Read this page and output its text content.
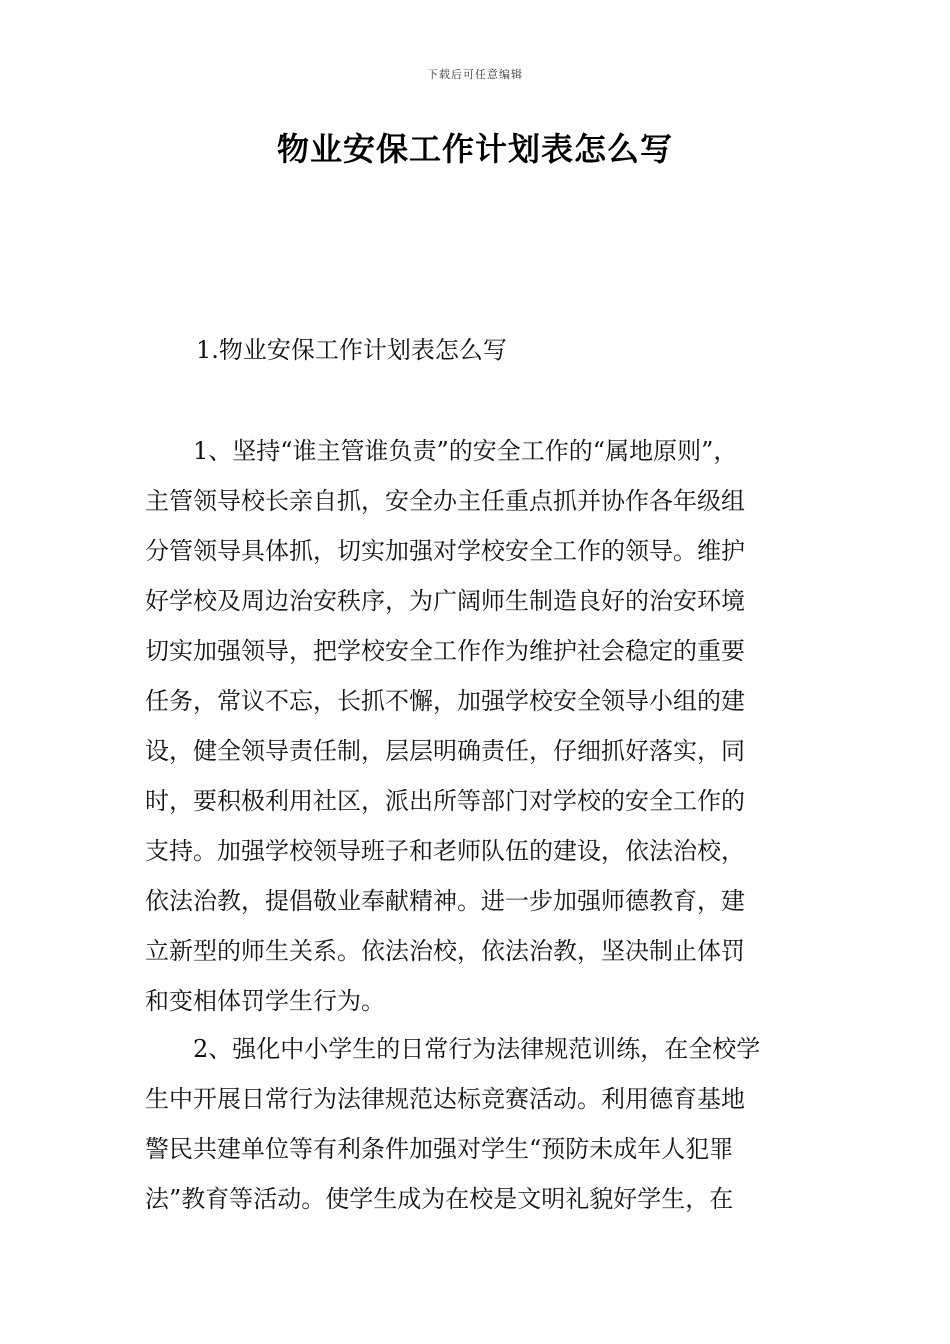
下载后可任意编辑
物业安保工作计划表怎么写
1.物业安保工作计划表怎么写
　　1、坚持“谁主管谁负责”的安全工作的“属地原则”，
主管领导校长亲自抓，安全办主任重点抓并协作各年级组
分管领导具体抓，切实加强对学校安全工作的领导。维护
好学校及周边治安秩序，为广阔师生制造良好的治安环境
切实加强领导，把学校安全工作作为维护社会稳定的重要
任务，常议不忘，长抓不懈，加强学校安全领导小组的建
设，健全领导责任制，层层明确责任，仔细抓好落实，同
时，要积极利用社区，派出所等部门对学校的安全工作的
支持。加强学校领导班子和老师队伍的建设，依法治校，
依法治教，提倡敬业奉献精神。进一步加强师德教育，建
立新型的师生关系。依法治校，依法治教，坚决制止体罚
和变相体罚学生行为。
　　2、强化中小学生的日常行为法律规范训练，在全校学
生中开展日常行为法律规范达标竞赛活动。利用德育基地
警民共建单位等有利条件加强对学生“预防未成年人犯罪
法”教育等活动。使学生成为在校是文明礼貌好学生，在
